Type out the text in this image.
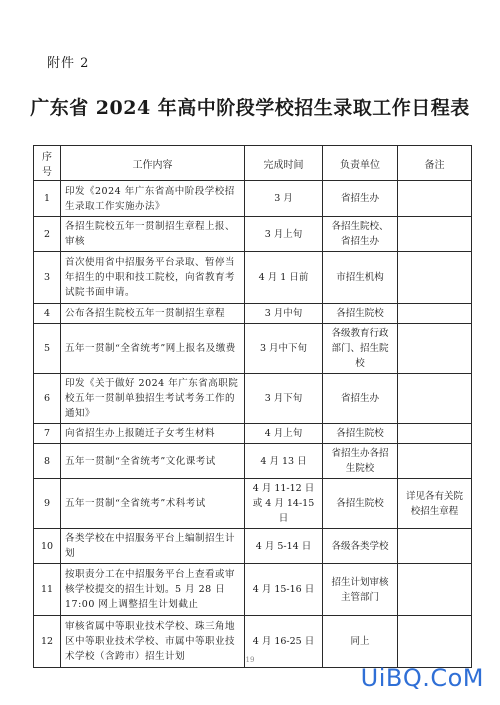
附件 2
广东省 2024 年高中阶段学校招生录取工作日程表
序号	工作内容	完成时间	负责单位	备注
1	印发《2024 年广东省高中阶段学校招生录取工作实施办法》	3 月	省招生办	
2	各招生院校五年一贯制招生章程上报、审核	3 月上旬	各招生院校、省招生办	
3	首次使用省中招服务平台录取、暂停当年招生的中职和技工院校，向省教育考试院书面申请。	4 月 1 日前	市招生机构	
4	公布各招生院校五年一贯制招生章程	3 月中旬	各招生院校	
5	五年一贯制“全省统考”网上报名及缴费	3 月中下旬	各级教育行政部门、招生院校	
6	印发《关于做好 2024 年广东省高职院校五年一贯制单独招生考试考务工作的通知》	3 月下旬	省招生办	
7	向省招生办上报随迁子女考生材料	4 月上旬	各招生院校	
8	五年一贯制“全省统考”文化课考试	4 月 13 日	省招生办各招生院校	
9	五年一贯制“全省统考”术科考试	4 月 11-12 日或 4 月 14-15 日	各招生院校	详见各有关院校招生章程
10	各类学校在中招服务平台上编制招生计划	4 月 5-14 日	各级各类学校	
11	按职责分工在中招服务平台上查看或审核学校提交的招生计划。5 月 28 日 17:00 网上调整招生计划截止	4 月 15-16 日	招生计划审核主管部门	
12	审核省属中等职业技术学校、珠三角地区中等职业技术学校、市属中等职业技术学校（含跨市）招生计划	4 月 16-25 日	同上	
19
UiBQ.CoM
